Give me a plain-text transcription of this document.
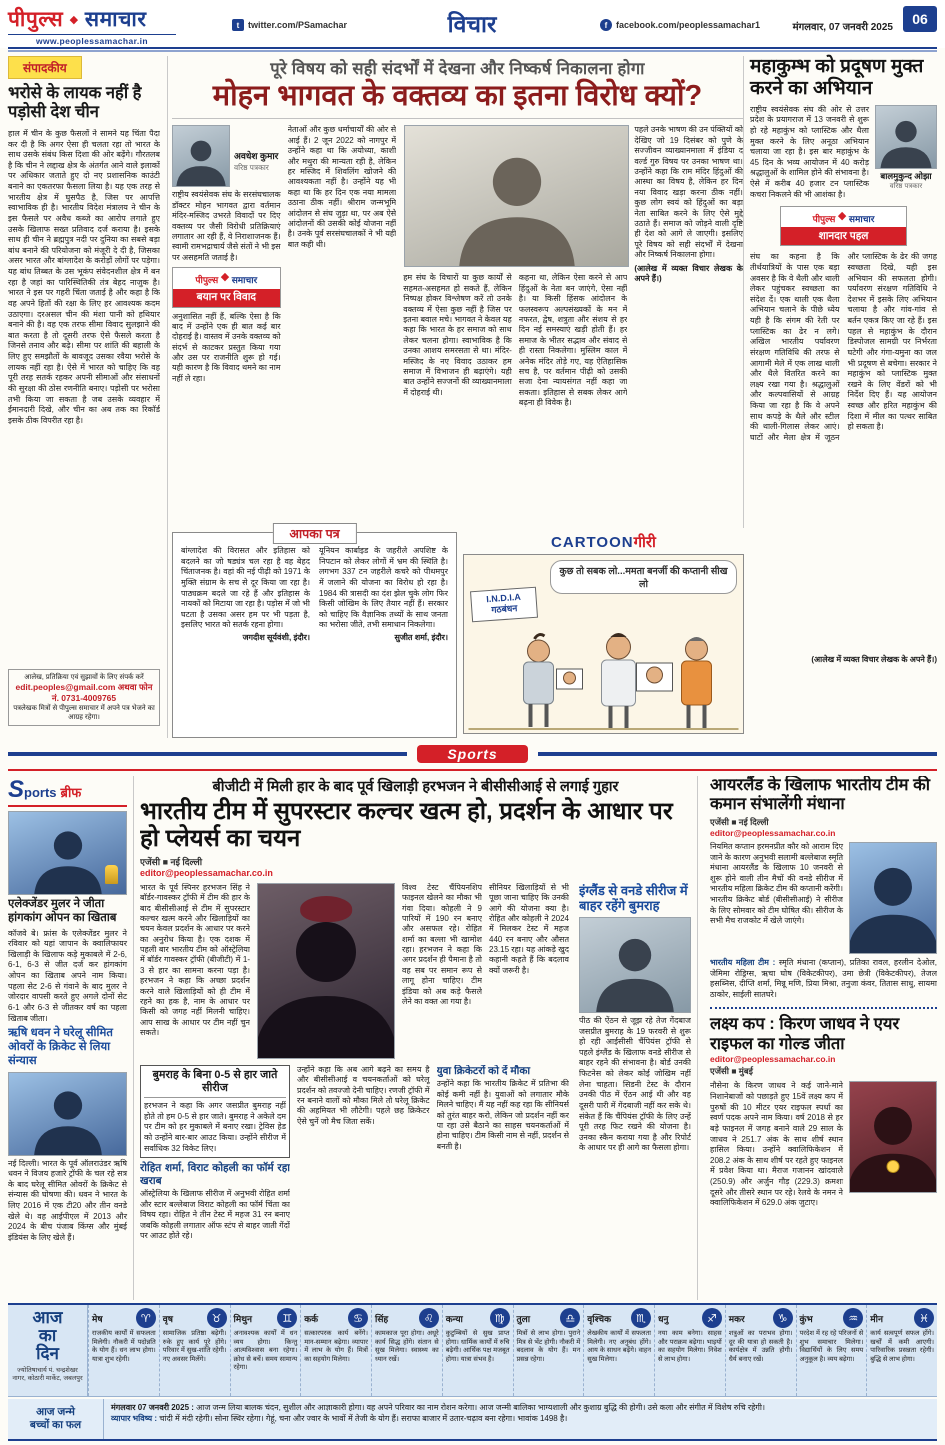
पीपुल्स ◆ समाचार
www.peoplessamachar.in
t twitter.com/PSamachar	विचार	f facebook.com/peoplessamachar1	मंगलवार, 07 जनवरी 2025
06
संपादकीय
भरोसे के लायक नहीं है पड़ोसी देश चीन
हाल में चीन के कुछ फैसलों ने सामने यह चिंता पैदा कर दी है कि अगर ऐसा ही चलता रहा तो भारत के साथ उसके संबंध किस दिशा की ओर बढ़ेंगे। गौरतलब है कि चीन ने लद्दाख क्षेत्र के अंतर्गत आने वाले इलाकों पर अधिकार जताते हुए दो नए प्रशासनिक काउंटी बनाने का एकतरफा फैसला लिया है। यह एक तरह से भारतीय क्षेत्र में घुसपैठ है, जिस पर आपत्ति स्वाभाविक ही है। भारतीय विदेश मंत्रालय ने चीन के इस फैसले पर अवैध कब्जे का आरोप लगाते हुए उसके खिलाफ सख्त प्रतिवाद दर्ज कराया है। इसके साथ ही चीन ने ब्रह्मपुत्र नदी पर दुनिया का सबसे बड़ा बांध बनाने की परियोजना को मंजूरी दे दी है, जिसका असर भारत और बांग्लादेश के करोड़ों लोगों पर पड़ेगा। यह बांध तिब्बत के उस भूकंप संवेदनशील क्षेत्र में बन रहा है जहां का पारिस्थितिकी तंत्र बेहद नाजुक है। भारत ने इस पर गहरी चिंता जताई है और कहा है कि वह अपने हितों की रक्षा के लिए हर आवश्यक कदम उठाएगा। दरअसल चीन की मंशा पानी को हथियार बनाने की है। वह एक तरफ सीमा विवाद सुलझाने की बात करता है तो दूसरी तरफ ऐसे फैसले करता है जिनसे तनाव और बढ़े। सीमा पर शांति की बहाली के लिए हुए समझौतों के बावजूद उसका रवैया भरोसे के लायक नहीं रहा है। ऐसे में भारत को चाहिए कि वह पूरी तरह सतर्क रहकर अपनी सीमाओं और संसाधनों की सुरक्षा की ठोस रणनीति बनाए। पड़ोसी पर भरोसा तभी किया जा सकता है जब उसके व्यवहार में ईमानदारी दिखे, और चीन का अब तक का रिकॉर्ड इसके ठीक विपरीत रहा है।
आलेख, प्रतिक्रिया एवं सुझावों के लिए संपर्क करें
edit.peoples@gmail.com अथवा फोन नं. 0731-4009765
पत्रलेखक मित्रों से पीपुल्स समाचार में अपने पत्र भेजने का आग्रह रहेगा।
पूरे विषय को सही संदर्भों में देखना और निष्कर्ष निकालना होगा
मोहन भागवत के वक्तव्य का इतना विरोध क्यों?
अवधेश कुमार
वरिष्ठ पत्रकार
राष्ट्रीय स्वयंसेवक संघ के सरसंघचालक डॉक्टर मोहन भागवत द्वारा वर्तमान मंदिर-मस्जिद उभरते विवादों पर दिए वक्तव्य पर जैसी विरोधी प्रतिक्रियाएं लगातार आ रही हैं, वे निराशाजनक हैं। स्वामी रामभद्राचार्य जैसे संतों ने भी इस पर असहमति जताई है।
पीपुल्स ◆ समाचार
बयान पर विवाद
अनुशासित नहीं हैं, बल्कि ऐसा है कि बाद में उन्होंने एक ही बात कई बार दोहराई है। वास्तव में उनके वक्तव्य को संदर्भ से काटकर प्रस्तुत किया गया और उस पर राजनीति शुरू हो गई। यही कारण है कि विवाद थमने का नाम नहीं ले रहा।
नेताओं और कुछ धर्माचार्यों की ओर से आई हैं। 2 जून 2022 को नागपुर में उन्होंने कहा था कि अयोध्या, काशी और मथुरा की मान्यता रही है, लेकिन हर मस्जिद में शिवलिंग खोजने की आवश्यकता नहीं है। उन्होंने यह भी कहा था कि हर दिन एक नया मामला उठाना ठीक नहीं। श्रीराम जन्मभूमि आंदोलन से संघ जुड़ा था, पर अब ऐसे आंदोलनों की उसकी कोई योजना नहीं है। उनके पूर्व सरसंघचालकों ने भी यही बात कही थी।
हम संघ के विचारों या कुछ कार्यों से सहमत-असहमत हो सकते हैं, लेकिन निष्पक्ष होकर विश्लेषण करें तो उनके वक्तव्य में ऐसा कुछ नहीं है जिस पर इतना बवाल मचे। भागवत ने केवल यह कहा कि भारत के हर समाज को साथ लेकर चलना होगा। स्वाभाविक है कि उनका आशय समरसता से था। मंदिर-मस्जिद के नए विवाद उठाकर हम समाज में विभाजन ही बढ़ाएंगे। यही बात उन्होंने सज्जनों की व्याख्यानमाला में दोहराई थी।
कहना था, लेकिन ऐसा करने से आप हिंदुओं के नेता बन जाएंगे, ऐसा नहीं है। या किसी हिंसक आंदोलन के फलस्वरूप अल्पसंख्यकों के मन में नफरत, द्वेष, शत्रुता और संशय से हर दिन नई समस्याएं खड़ी होती हैं। हर समाज के भीतर सद्भाव और संवाद से ही रास्ता निकलेगा। मुस्लिम काल में अनेक मंदिर तोड़े गए, यह ऐतिहासिक सच है, पर वर्तमान पीढ़ी को उसकी सजा देना न्यायसंगत नहीं कहा जा सकता। इतिहास से सबक लेकर आगे बढ़ना ही विवेक है।
पहले उनके भाषण की उन पंक्तियों को देखिए जो 19 दिसंबर को पुणे के सज्जीवन व्याख्यानमाला में इंडिया द वर्ल्ड गुरु विषय पर उनका भाषण था। उन्होंने कहा कि राम मंदिर हिंदुओं की आस्था का विषय है, लेकिन हर दिन नया विवाद खड़ा करना ठीक नहीं। कुछ लोग स्वयं को हिंदुओं का बड़ा नेता साबित करने के लिए ऐसे मुद्दे उठाते हैं। समाज को जोड़ने वाली दृष्टि ही देश को आगे ले जाएगी। इसलिए पूरे विषय को सही संदर्भों में देखना और निष्कर्ष निकालना होगा।
(आलेख में व्यक्त विचार लेखक के अपने हैं।)
आपका पत्र
बांग्लादेश की विरासत और इतिहास को बदलने का जो षड्यंत्र चल रहा है वह बेहद चिंताजनक है। वहां की नई पीढ़ी को 1971 के मुक्ति संग्राम के सच से दूर किया जा रहा है। पाठ्यक्रम बदले जा रहे हैं और इतिहास के नायकों को मिटाया जा रहा है। पड़ोस में जो भी घटता है उसका असर हम पर भी पड़ता है, इसलिए भारत को सतर्क रहना होगा।
जगदीश सूर्यवंशी, इंदौर।
यूनियन कार्बाइड के जहरीले अपशिष्ट के निपटान को लेकर लोगों में भ्रम की स्थिति है। लगभग 337 टन जहरीले कचरे को पीथमपुर में जलाने की योजना का विरोध हो रहा है। 1984 की त्रासदी का दंश झेल चुके लोग फिर किसी जोखिम के लिए तैयार नहीं हैं। सरकार को चाहिए कि वैज्ञानिक तथ्यों के साथ जनता का भरोसा जीते, तभी समाधान निकलेगा।
सुजीत शर्मा, इंदौर।
CARTOONगीरी
कुछ तो सबक लो...ममता बनर्जी की कप्तानी सीख लो
I.N.D.I.A गठबंधन
महाकुम्भ को प्रदूषण मुक्त करने का अभियान
राष्ट्रीय स्वयंसेवक संघ की ओर से उत्तर प्रदेश के प्रयागराज में 13 जनवरी से शुरू हो रहे महाकुंभ को प्लास्टिक और थैला मुक्त करने के लिए अनूठा अभियान चलाया जा रहा है। इस बार महाकुंभ के 45 दिन के भव्य आयोजन में 40 करोड़ श्रद्धालुओं के शामिल होने की संभावना है। ऐसे में करीब 40 हजार टन प्लास्टिक कचरा निकलने की भी आशंका है।
बालमुकुन्द ओझा
वरिष्ठ पत्रकार
पीपुल्स ◆ समाचार
शानदार पहल
संघ का कहना है कि तीर्थयात्रियों के पास एक बड़ा अवसर है कि वे थैली और थाली लेकर पहुंचकर स्वच्छता का संदेश दें। एक थाली एक थैला अभियान चलाने के पीछे ध्येय यही है कि संगम की रेती पर प्लास्टिक का ढेर न लगे। अखिल भारतीय पर्यावरण संरक्षण गतिविधि की तरफ से आगामी मेले में एक लाख थाली और थैले वितरित करने का लक्ष्य रखा गया है। श्रद्धालुओं और कल्पवासियों से आग्रह किया जा रहा है कि वे अपने साथ कपड़े के थैले और स्टील की थाली-गिलास लेकर आएं। घाटों और मेला क्षेत्र में जूठन और प्लास्टिक के ढेर की जगह स्वच्छता दिखे, यही इस अभियान की सफलता होगी। पर्यावरण संरक्षण गतिविधि ने देशभर में इसके लिए अभियान चलाया है और गांव-गांव से बर्तन एकत्र किए जा रहे हैं। इस पहल से महाकुंभ के दौरान डिस्पोजल सामग्री पर निर्भरता घटेगी और गंगा-यमुना का जल भी प्रदूषण से बचेगा। सरकार ने महाकुंभ को प्लास्टिक मुक्त रखने के लिए वेंडरों को भी निर्देश दिए हैं। यह आयोजन स्वच्छ और हरित महाकुंभ की दिशा में मील का पत्थर साबित हो सकता है।
(आलेख में व्यक्त विचार लेखक के अपने हैं।)
Sports
Sports ब्रीफ
एलेक्जेंडर मुलर ने जीता हांगकांग ओपन का खिताब
कॉजवे बे। फ्रांस के एलेक्जेंडर मुलर ने रविवार को यहां जापान के क्वालिफायर खिलाड़ी के खिलाफ कड़े मुकाबले में 2-6, 6-1, 6-3 से जीत दर्ज कर हांगकांग ओपन का खिताब अपने नाम किया। पहला सेट 2-6 से गंवाने के बाद मुलर ने जोरदार वापसी करते हुए अगले दोनों सेट 6-1 और 6-3 से जीतकर वर्ष का पहला खिताब जीता।
ऋषि धवन ने घरेलू सीमित ओवरों के क्रिकेट से लिया संन्यास
नई दिल्ली। भारत के पूर्व ऑलराउंडर ऋषि धवन ने विजय हजारे ट्रॉफी के चल रहे सत्र के बाद घरेलू सीमित ओवरों के क्रिकेट से संन्यास की घोषणा की। धवन ने भारत के लिए 2016 में एक टी20 और तीन वनडे खेले थे। वह आईपीएल में 2013 और 2024 के बीच पंजाब किंग्स और मुंबई इंडियंस के लिए खेले हैं।
बीजीटी में मिली हार के बाद पूर्व खिलाड़ी हरभजन ने बीसीसीआई से लगाई गुहार
भारतीय टीम में सुपरस्टार कल्चर खत्म हो, प्रदर्शन के आधार पर हो प्लेयर्स का चयन
एजेंसी ■ नई दिल्ली
editor@peoplessamachar.co.in
इंग्लैंड से वनडे सीरीज में बाहर रहेंगे बुमराह
पीठ की ऐंठन से जूझ रहे तेज गेंदबाज जसप्रीत बुमराह के 19 फरवरी से शुरू हो रही आईसीसी चैंपियंस ट्रॉफी से पहले इंग्लैंड के खिलाफ वनडे सीरीज से बाहर रहने की संभावना है। बोर्ड उनकी फिटनेस को लेकर कोई जोखिम नहीं लेना चाहता। सिडनी टेस्ट के दौरान उनकी पीठ में ऐंठन आई थी और वह दूसरी पारी में गेंदबाजी नहीं कर सके थे। संकेत हैं कि चैंपियंस ट्रॉफी के लिए उन्हें पूरी तरह फिट रखने की योजना है। उनका स्कैन कराया गया है और रिपोर्ट के आधार पर ही आगे का फैसला होगा।
भारत के पूर्व स्पिनर हरभजन सिंह ने बॉर्डर-गावस्कर ट्रॉफी में टीम की हार के बाद बीसीसीआई से टीम में सुपरस्टार कल्चर खत्म करने और खिलाड़ियों का चयन केवल प्रदर्शन के आधार पर करने का अनुरोध किया है। एक दशक में पहली बार भारतीय टीम को ऑस्ट्रेलिया में बॉर्डर गावस्कर ट्रॉफी (बीजीटी) में 1-3 से हार का सामना करना पड़ा है। हरभजन ने कहा कि अच्छा प्रदर्शन करने वाले खिलाड़ियों को ही टीम में रहने का हक है, नाम के आधार पर किसी को जगह नहीं मिलनी चाहिए। आप साख के आधार पर टीम नहीं चुन सकते।
विश्व टेस्ट चैंपियनशिप फाइनल खेलने का मौका भी गंवा दिया। कोहली ने 9 पारियों में 190 रन बनाए और असफल रहे। रोहित शर्मा का बल्ला भी खामोश रहा। हरभजन ने कहा कि अगर प्रदर्शन ही पैमाना है तो वह सब पर समान रूप से लागू होना चाहिए। टीम इंडिया को अब कड़े फैसले लेने का वक्त आ गया है।
सीनियर खिलाड़ियों से भी पूछा जाना चाहिए कि उनकी आगे की योजना क्या है। रोहित और कोहली ने 2024 में मिलकर टेस्ट में महज 440 रन बनाए और औसत 23.15 रहा। यह आंकड़े खुद कहानी कहते हैं कि बदलाव क्यों जरूरी है।
बुमराह के बिना 0-5 से हार जाते सीरीज
हरभजन ने कहा कि अगर जसप्रीत बुमराह नहीं होते तो हम 0-5 से हार जाते। बुमराह ने अकेले दम पर टीम को हर मुकाबले में बनाए रखा। ट्रेविस हेड को उन्होंने बार-बार आउट किया। उन्होंने सीरीज में सर्वाधिक 32 विकेट लिए।
रोहित शर्मा, विराट कोहली का फॉर्म रहा खराब
ऑस्ट्रेलिया के खिलाफ सीरीज में अनुभवी रोहित शर्मा और स्टार बल्लेबाज विराट कोहली का फॉर्म चिंता का विषय रहा। रोहित ने तीन टेस्ट में महज 31 रन बनाए जबकि कोहली लगातार ऑफ स्टंप से बाहर जाती गेंदों पर आउट होते रहे।
उन्होंने कहा कि अब आगे बढ़ने का समय है और बीसीसीआई व चयनकर्ताओं को घरेलू प्रदर्शन को तवज्जो देनी चाहिए। रणजी ट्रॉफी में रन बनाने वालों को मौका मिले तो घरेलू क्रिकेट की अहमियत भी लौटेगी। पहले छह क्रिकेटर ऐसे चुनें जो मैच जिता सकें।
युवा क्रिकेटरों को दें मौका
उन्होंने कहा कि भारतीय क्रिकेट में प्रतिभा की कोई कमी नहीं है। युवाओं को लगातार मौके मिलने चाहिए। मैं यह नहीं कह रहा कि सीनियर्स को तुरंत बाहर करो, लेकिन जो प्रदर्शन नहीं कर पा रहा उसे बैठाने का साहस चयनकर्ताओं में होना चाहिए। टीम किसी नाम से नहीं, प्रदर्शन से बनती है।
आयरलैंड के खिलाफ भारतीय टीम की कमान संभालेंगी मंधाना
एजेंसी ■ नई दिल्ली
editor@peoplessamachar.co.in
नियमित कप्तान हरमनप्रीत कौर को आराम दिए जाने के कारण अनुभवी सलामी बल्लेबाज स्मृति मंधाना आयरलैंड के खिलाफ 10 जनवरी से शुरू होने वाली तीन मैचों की वनडे सीरीज में भारतीय महिला क्रिकेट टीम की कप्तानी करेंगी। भारतीय क्रिकेट बोर्ड (बीसीसीआई) ने सीरीज के लिए सोमवार को टीम घोषित की। सीरीज के सभी मैच राजकोट में खेले जाएंगे।
भारतीय महिला टीम : स्मृति मंधाना (कप्तान), प्रतिका रावल, हरलीन देओल, जेमिमा रोड्रिग्स, ऋचा घोष (विकेटकीपर), उमा छेत्री (विकेटकीपर), तेजल हसब्निस, दीप्ति शर्मा, मिन्नू मणि, प्रिया मिश्रा, तनुजा कंवर, तितास साधु, सायमा ठाकोर, साईली सातघरे।
लक्ष्य कप : किरण जाधव ने एयर राइफल का गोल्ड जीता
editor@peoplessamachar.co.in
एजेंसी ■ मुंबई
नौसेना के किरण जाधव ने कई जाने-माने निशानेबाजों को पछाड़ते हुए 15वें लक्ष्य कप में पुरुषों की 10 मीटर एयर राइफल स्पर्धा का स्वर्ण पदक अपने नाम किया। वर्ष 2018 से हर बड़े फाइनल में जगह बनाने वाले 29 साल के जाधव ने 251.7 अंक के साथ शीर्ष स्थान हासिल किया। उन्होंने क्वालिफिकेशन में 208.2 अंक के साथ शीर्ष पर रहते हुए फाइनल में प्रवेश किया था। मैराज गजानन खांदवाले (250.9) और अर्जुन गौड़ (229.3) क्रमशः दूसरे और तीसरे स्थान पर रहे। रेलवे के नमन ने क्वालिफिकेशन में 629.0 अंक जुटाए।
आज
का
दिन
ज्योतिषाचार्य पं. चन्द्रशेखर नागर, कोठारी मार्केट, जबलपुर
मेष	♈
राजकीय कार्यों में सफलता मिलेगी। नौकरी में पदोन्नति के योग हैं। धन लाभ होगा। यात्रा शुभ रहेगी।
वृष	♉
सामाजिक प्रतिष्ठा बढ़ेगी। रुके हुए कार्य पूरे होंगे। परिवार में सुख-शांति रहेगी। नए अवसर मिलेंगे।
मिथुन	♊
अनावश्यक कार्यों में धन व्यय होगा। किन्तु आत्मविश्वास बना रहेगा। क्रोध से बचें। समय सामान्य रहेगा।
कर्क	♋
सत्कारपरक कार्य बनेंगे। मान-सम्मान बढ़ेगा। व्यापार में लाभ के योग हैं। मित्रों का सहयोग मिलेगा।
सिंह	♌
कामकाज पूरा होगा। अधूरे कार्य सिद्ध होंगे। संतान से सुख मिलेगा। स्वास्थ्य का ध्यान रखें।
कन्या	♍
कुटुम्बियों से सुख प्राप्त होगा। धार्मिक कार्यों में रुचि बढ़ेगी। आर्थिक पक्ष मजबूत होगा। यात्रा संभव है।
तुला	♎
मित्रों से लाभ होगा। पुराने मित्र से भेंट होगी। नौकरी में बदलाव के योग हैं। मन प्रसन्न रहेगा।
वृश्चिक	♏
लेखकीय कार्यों में सफलता मिलेगी। नए अनुबंध होंगे। आय के साधन बढ़ेंगे। वाहन सुख मिलेगा।
धनु	♐
नया काम बनेगा। साहस और पराक्रम बढ़ेगा। भाइयों का सहयोग मिलेगा। निवेश से लाभ होगा।
मकर	♑
शत्रुओं का पराभव होगा। दूर की यात्रा हो सकती है। कार्यक्षेत्र में उन्नति होगी। धैर्य बनाए रखें।
कुंभ	♒
परदेश में रह रहे परिजनों से शुभ समाचार मिलेगा। विद्यार्थियों के लिए समय अनुकूल है। व्यय बढ़ेगा।
मीन	♓
कार्य सत्वपूर्ण सफल होंगे। खर्चों में कमी आएगी। पारिवारिक प्रसन्नता रहेगी। बुद्धि से लाभ होगा।
आज जन्मे
बच्चों का फल
मंगलवार 07 जनवरी 2025 : आज जन्म लिया बालक चंदन, सुशील और आज्ञाकारी होगा। वह अपने परिवार का नाम रोशन करेगा। आज जन्मी बालिका भाग्यशाली और कुशाग्र बुद्धि की होगी। उसे कला और संगीत में विशेष रुचि रहेगी।
व्यापार भविष्य : चांदी में मंदी रहेगी। सोना स्थिर रहेगा। गेहूं, चना और ज्वार के भावों में तेजी के योग हैं। सराफा बाजार में उतार-चढ़ाव बना रहेगा। भावांक 1498 है।
